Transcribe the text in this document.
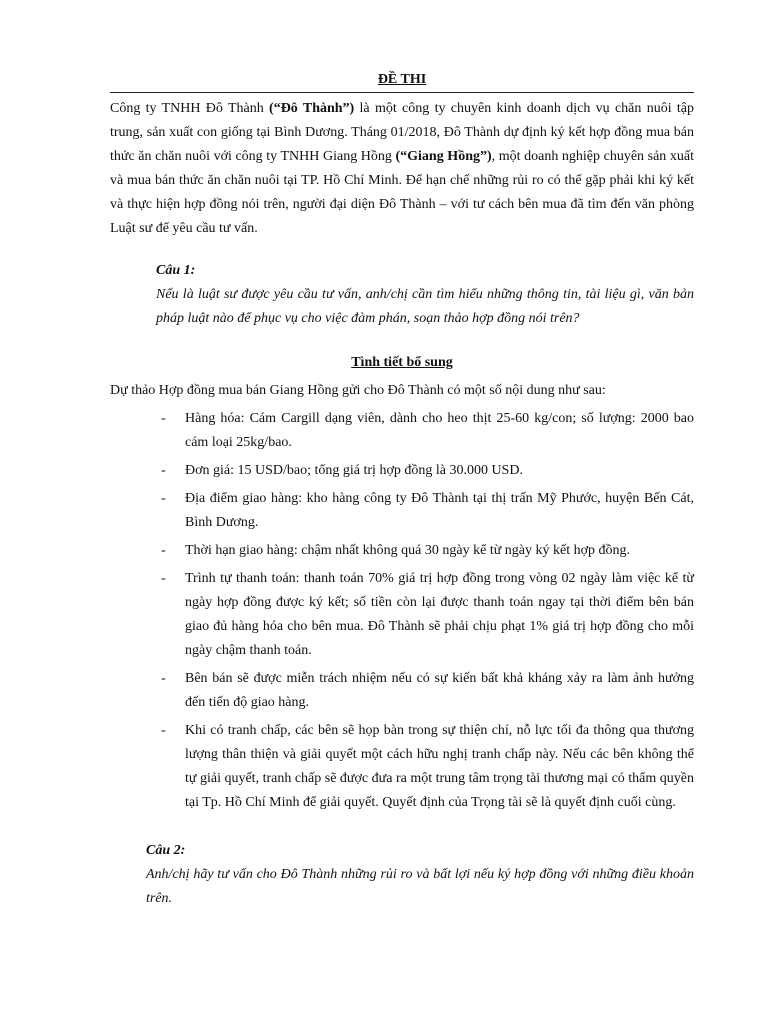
ĐỀ THI

Công ty TNHH Đô Thành (“Đô Thành”) là một công ty chuyên kinh doanh dịch vụ chăn nuôi tập trung, sản xuất con giống tại Bình Dương. Tháng 01/2018, Đô Thành dự định ký kết hợp đồng mua bán thức ăn chăn nuôi với công ty TNHH Giang Hồng (“Giang Hồng”), một doanh nghiệp chuyên sản xuất và mua bán thức ăn chăn nuôi tại TP. Hồ Chí Minh. Để hạn chế những rủi ro có thể gặp phải khi ký kết và thực hiện hợp đồng nói trên, người đại diện Đô Thành – với tư cách bên mua đã tìm đến văn phòng Luật sư để yêu cầu tư vấn.

Câu 1:
Nếu là luật sư được yêu cầu tư vấn, anh/chị cần tìm hiểu những thông tin, tài liệu gì, văn bản pháp luật nào để phục vụ cho việc đàm phán, soạn thảo hợp đồng nói trên?
Tình tiết bổ sung
Dự thảo Hợp đồng mua bán Giang Hồng gửi cho Đô Thành có một số nội dung như sau:
-	Hàng hóa: Cám Cargill dạng viên, dành cho heo thịt 25-60 kg/con; số lượng: 2000 bao cám loại 25kg/bao.
-	Đơn giá: 15 USD/bao; tổng giá trị hợp đồng là 30.000 USD.
-	Địa điểm giao hàng: kho hàng công ty Đô Thành tại thị trấn Mỹ Phước, huyện Bến Cát, Bình Dương.
-	Thời hạn giao hàng: chậm nhất không quá 30 ngày kể từ ngày ký kết hợp đồng.
-	Trình tự thanh toán: thanh toán 70% giá trị hợp đồng trong vòng 02 ngày làm việc kể từ ngày hợp đồng được ký kết; số tiền còn lại được thanh toán ngay tại thời điểm bên bán giao đủ hàng hóa cho bên mua. Đô Thành sẽ phải chịu phạt 1% giá trị hợp đồng cho mỗi ngày chậm thanh toán.
-	Bên bán sẽ được miễn trách nhiệm nếu có sự kiến bất khả kháng xảy ra làm ảnh hưởng đến tiến độ giao hàng.
-	Khi có tranh chấp, các bên sẽ họp bàn trong sự thiện chí, nỗ lực tối đa thông qua thương lượng thân thiện và giải quyết một cách hữu nghị tranh chấp này. Nếu các bên không thể tự giải quyết, tranh chấp sẽ được đưa ra một trung tâm trọng tài thương mại có thẩm quyền tại Tp. Hồ Chí Minh để giải quyết. Quyết định của Trọng tài sẽ là quyết định cuối cùng.
Câu 2:
Anh/chị hãy tư vấn cho Đô Thành những rủi ro và bất lợi nếu ký hợp đồng với những điều khoản trên.
